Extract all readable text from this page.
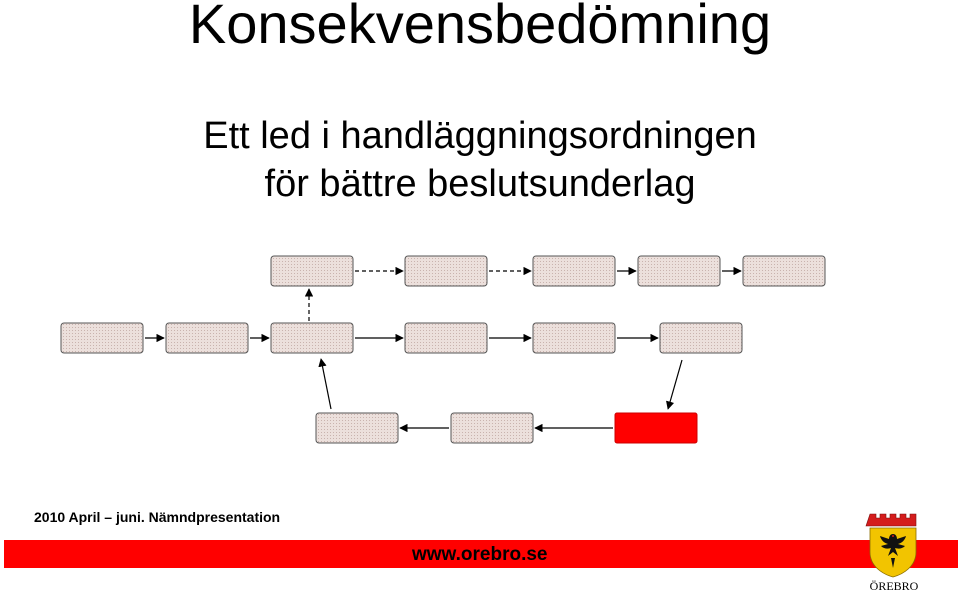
Konsekvensbedömning
Ett led i handläggningsordningen
för bättre beslutsunderlag
2010 April – juni. Nämndpresentation
www.orebro.se
ÖREBRO
